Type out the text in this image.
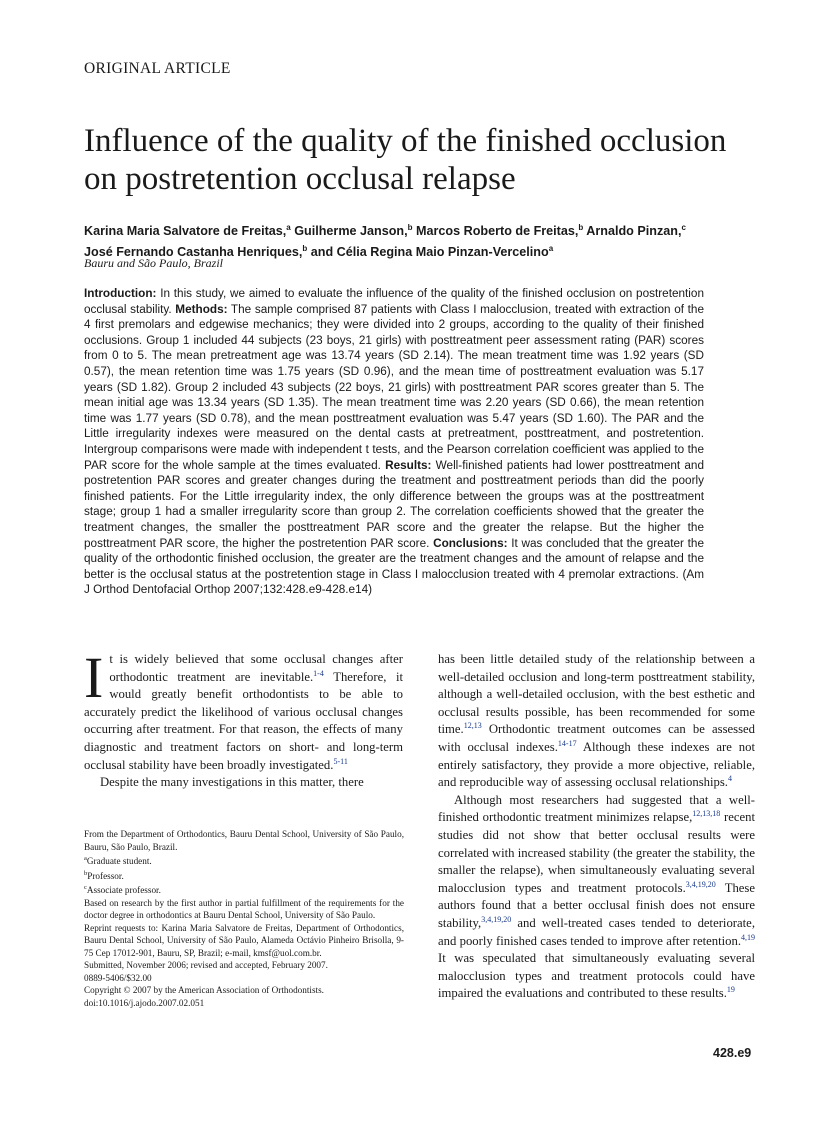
ORIGINAL ARTICLE
Influence of the quality of the finished occlusion on postretention occlusal relapse
Karina Maria Salvatore de Freitas,$^a$ Guilherme Janson,$^b$ Marcos Roberto de Freitas,$^b$ Arnaldo Pinzan,$^c$
José Fernando Castanha Henriques,$^b$ and Célia Regina Maio Pinzan-Vercelino$^a$
Bauru and São Paulo, Brazil
Introduction: In this study, we aimed to evaluate the influence of the quality of the finished occlusion on postretention occlusal stability. Methods: The sample comprised 87 patients with Class I malocclusion, treated with extraction of the 4 first premolars and edgewise mechanics; they were divided into 2 groups, according to the quality of their finished occlusions. Group 1 included 44 subjects (23 boys, 21 girls) with posttreatment peer assessment rating (PAR) scores from 0 to 5. The mean pretreatment age was 13.74 years (SD 2.14). The mean treatment time was 1.92 years (SD 0.57), the mean retention time was 1.75 years (SD 0.96), and the mean time of posttreatment evaluation was 5.17 years (SD 1.82). Group 2 included 43 subjects (22 boys, 21 girls) with posttreatment PAR scores greater than 5. The mean initial age was 13.34 years (SD 1.35). The mean treatment time was 2.20 years (SD 0.66), the mean retention time was 1.77 years (SD 0.78), and the mean posttreatment evaluation was 5.47 years (SD 1.60). The PAR and the Little irregularity indexes were measured on the dental casts at pretreatment, posttreatment, and postretention. Intergroup comparisons were made with independent t tests, and the Pearson correlation coefficient was applied to the PAR score for the whole sample at the times evaluated. Results: Well-finished patients had lower posttreatment and postretention PAR scores and greater changes during the treatment and posttreatment periods than did the poorly finished patients. For the Little irregularity index, the only difference between the groups was at the posttreatment stage; group 1 had a smaller irregularity score than group 2. The correlation coefficients showed that the greater the treatment changes, the smaller the posttreatment PAR score and the greater the relapse. But the higher the posttreatment PAR score, the higher the postretention PAR score. Conclusions: It was concluded that the greater the quality of the orthodontic finished occlusion, the greater are the treatment changes and the amount of relapse and the better is the occlusal status at the postretention stage in Class I malocclusion treated with 4 premolar extractions. (Am J Orthod Dentofacial Orthop 2007;132:428.e9-428.e14)

It is widely believed that some occlusal changes after orthodontic treatment are inevitable.$^{1-4}$ Therefore, it would greatly benefit orthodontists to be able to accurately predict the likelihood of various occlusal changes occurring after treatment. For that reason, the effects of many diagnostic and treatment factors on short- and long-term occlusal stability have been broadly investigated.$^{5-11}$

Despite the many investigations in this matter, there

has been little detailed study of the relationship between a well-detailed occlusion and long-term posttreatment stability, although a well-detailed occlusion, with the best esthetic and occlusal results possible, has been recommended for some time.$^{12,13}$ Orthodontic treatment outcomes can be assessed with occlusal indexes.$^{14-17}$ Although these indexes are not entirely satisfactory, they provide a more objective, reliable, and reproducible way of assessing occlusal relationships.$^4$

Although most researchers had suggested that a well-finished orthodontic treatment minimizes relapse,$^{12,13,18}$ recent studies did not show that better occlusal results were correlated with increased stability (the greater the stability, the smaller the relapse), when simultaneously evaluating several malocclusion types and treatment protocols.$^{3,4,19,20}$ These authors found that a better occlusal finish does not ensure stability,$^{3,4,19,20}$ and well-treated cases tended to deteriorate, and poorly finished cases tended to improve after retention.$^{4,19}$ It was speculated that simultaneously evaluating several malocclusion types and treatment protocols could have impaired the evaluations and contributed to these results.$^{19}$

From the Department of Orthodontics, Bauru Dental School, University of São Paulo, Bauru, São Paulo, Brazil.
$^a$Graduate student.
$^b$Professor.
$^c$Associate professor.
Based on research by the first author in partial fulfillment of the requirements for the doctor degree in orthodontics at Bauru Dental School, University of São Paulo.
Reprint requests to: Karina Maria Salvatore de Freitas, Department of Orthodontics, Bauru Dental School, University of São Paulo, Alameda Octávio Pinheiro Brisolla, 9-75 Cep 17012-901, Bauru, SP, Brazil; e-mail, kmsf@uol.com.br.
Submitted, November 2006; revised and accepted, February 2007.
0889-5406/$32.00
Copyright © 2007 by the American Association of Orthodontists.
doi:10.1016/j.ajodo.2007.02.051
428.e9
